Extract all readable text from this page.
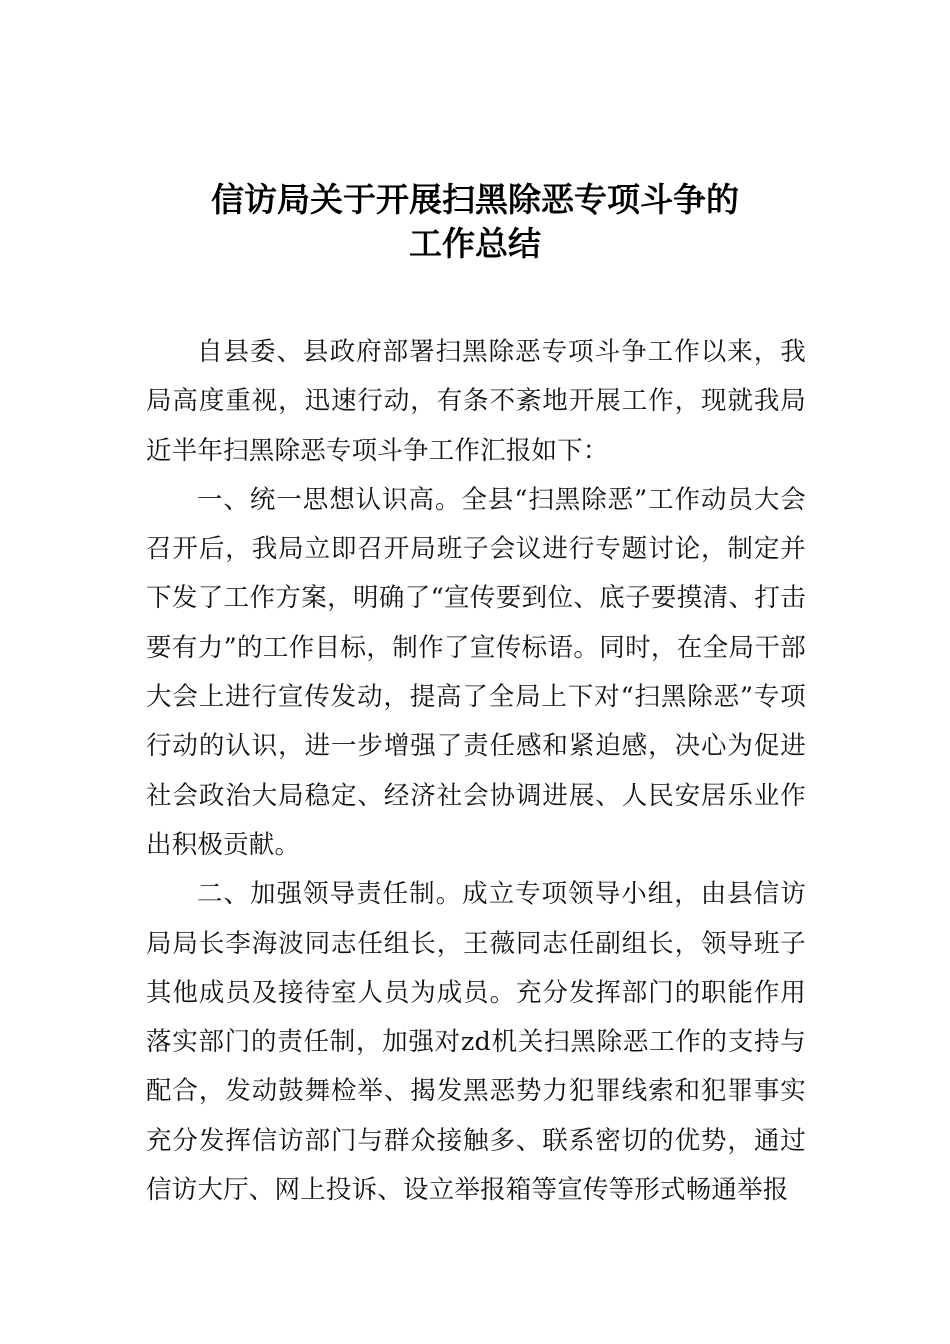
信访局关于开展扫黑除恶专项斗争的
工作总结

自县委、县政府部署扫黑除恶专项斗争工作以来，我局高度重视，迅速行动，有条不紊地开展工作，现就我局近半年扫黑除恶专项斗争工作汇报如下：

一、统一思想认识高。全县“扫黑除恶”工作动员大会召开后，我局立即召开局班子会议进行专题讨论，制定并下发了工作方案，明确了“宣传要到位、底子要摸清、打击要有力”的工作目标，制作了宣传标语。同时，在全局干部大会上进行宣传发动，提高了全局上下对“扫黑除恶”专项行动的认识，进一步增强了责任感和紧迫感，决心为促进社会政治大局稳定、经济社会协调进展、人民安居乐业作出积极贡献。

二、加强领导责任制。成立专项领导小组，由县信访局局长李海波同志任组长，王薇同志任副组长，领导班子其他成员及接待室人员为成员。充分发挥部门的职能作用落实部门的责任制，加强对zd机关扫黑除恶工作的支持与配合，发动鼓舞检举、揭发黑恶势力犯罪线索和犯罪事实充分发挥信访部门与群众接触多、联系密切的优势，通过信访大厅、网上投诉、设立举报箱等宣传等形式畅通举报
